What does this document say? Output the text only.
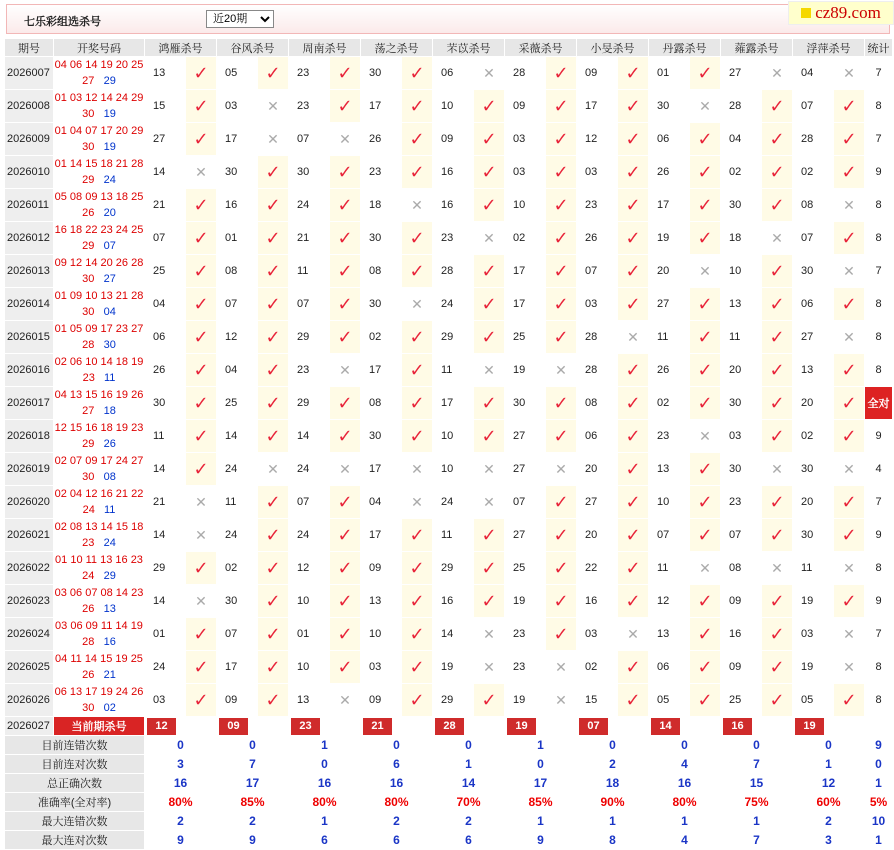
七乐彩组选杀号
近20期	cz89.com
期号	开奖号码	鸿雁杀号		谷风杀号		周南杀号		荡之杀号		芣苡杀号		采薇杀号		小旻杀号		丹露杀号		蕹露杀号		浮萍杀号		统计
2026007	04 06 14 19 20 25
27 29	13	✓	05	✓	23	✓	30	✓	06	✕	28	✓	09	✓	01	✓	27	✕	04	✕	7
2026008	01 03 12 14 24 29
30 19	15	✓	03	✕	23	✓	17	✓	10	✓	09	✓	17	✓	30	✕	28	✓	07	✓	8
2026009	01 04 07 17 20 29
30 19	27	✓	17	✕	07	✕	26	✓	09	✓	03	✓	12	✓	06	✓	04	✓	28	✓	7
2026010	01 14 15 18 21 28
29 24	14	✕	30	✓	30	✓	23	✓	16	✓	03	✓	03	✓	26	✓	02	✓	02	✓	9
2026011	05 08 09 13 18 25
26 20	21	✓	16	✓	24	✓	18	✕	16	✓	10	✓	23	✓	17	✓	30	✓	08	✕	8
2026012	16 18 22 23 24 25
29 07	07	✓	01	✓	21	✓	30	✓	23	✕	02	✓	26	✓	19	✓	18	✕	07	✓	8
2026013	09 12 14 20 26 28
30 27	25	✓	08	✓	11	✓	08	✓	28	✓	17	✓	07	✓	20	✕	10	✓	30	✕	7
2026014	01 09 10 13 21 28
30 04	04	✓	07	✓	07	✓	30	✕	24	✓	17	✓	03	✓	27	✓	13	✓	06	✓	8
2026015	01 05 09 17 23 27
28 30	06	✓	12	✓	29	✓	02	✓	29	✓	25	✓	28	✕	11	✓	11	✓	27	✕	8
2026016	02 06 10 14 18 19
23 11	26	✓	04	✓	23	✕	17	✓	11	✕	19	✕	28	✓	26	✓	20	✓	13	✓	8
2026017	04 13 15 16 19 26
27 18	30	✓	25	✓	29	✓	08	✓	17	✓	30	✓	08	✓	02	✓	30	✓	20	✓	全对
2026018	12 15 16 18 19 23
29 26	11	✓	14	✓	14	✓	30	✓	10	✓	27	✓	06	✓	23	✕	03	✓	02	✓	9
2026019	02 07 09 17 24 27
30 08	14	✓	24	✕	24	✕	17	✕	10	✕	27	✕	20	✓	13	✓	30	✕	30	✕	4
2026020	02 04 12 16 21 22
24 11	21	✕	11	✓	07	✓	04	✕	24	✕	07	✓	27	✓	10	✓	23	✓	20	✓	7
2026021	02 08 13 14 15 18
23 24	14	✕	24	✓	24	✓	17	✓	11	✓	27	✓	20	✓	07	✓	07	✓	30	✓	9
2026022	01 10 11 13 16 23
24 29	29	✓	02	✓	12	✓	09	✓	29	✓	25	✓	22	✓	11	✕	08	✕	11	✕	8
2026023	03 06 07 08 14 23
26 13	14	✕	30	✓	10	✓	13	✓	16	✓	19	✓	16	✓	12	✓	09	✓	19	✓	9
2026024	03 06 09 11 14 19
28 16	01	✓	07	✓	01	✓	10	✓	14	✕	23	✓	03	✕	13	✓	16	✓	03	✕	7
2026025	04 11 14 15 19 25
26 21	24	✓	17	✓	10	✓	03	✓	19	✕	23	✕	02	✓	06	✓	09	✓	19	✕	8
2026026	06 13 17 19 24 26
30 02	03	✓	09	✓	13	✕	09	✓	29	✓	19	✕	15	✓	05	✓	25	✓	05	✓	8
2026027	当前期杀号	12		09		23		21		28		19		07		14		16		19		
目前连错次数		0		0		1		0		0		1		0		0		0		0		9
目前连对次数		3		7		0		6		1		0		2		4		7		1		0
总正确次数		16		17		16		16		14		17		18		16		15		12		1
准确率(全对率)		80%		85%		80%		80%		70%		85%		90%		80%		75%		60%		5%
最大连错次数		2		2		1		2		2		1		1		1		1		2		10
最大连对次数		9		9		6		6		6		9		8		4		7		3		1
